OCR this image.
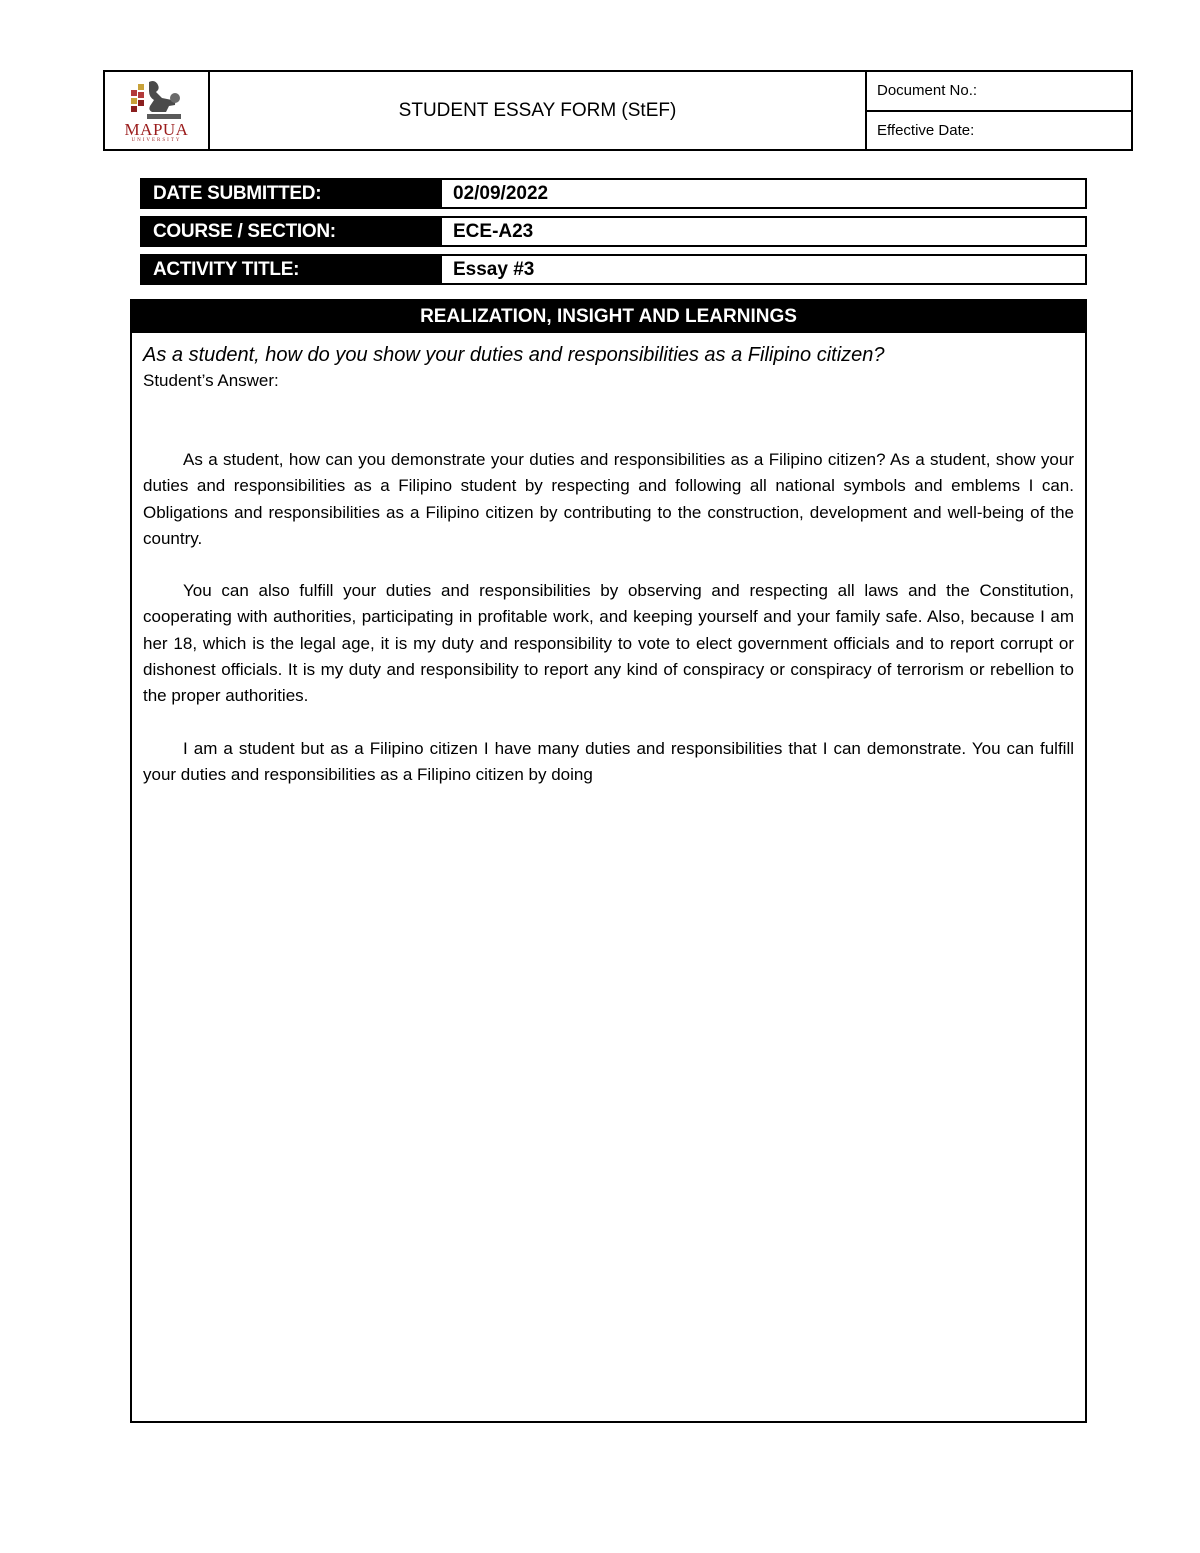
MAPUA
UNIVERSITY
STUDENT ESSAY FORM (StEF)
Document No.:
Effective Date:
DATE SUBMITTED:	02/09/2022
COURSE / SECTION:	ECE-A23
ACTIVITY TITLE:	Essay #3
REALIZATION, INSIGHT AND LEARNINGS
As a student, how do you show your duties and responsibilities as a Filipino citizen?
Student’s Answer:

As a student, how can you demonstrate your duties and responsibilities as a Filipino citizen? As a student, show your duties and responsibilities as a Filipino student by respecting and following all national symbols and emblems I can. Obligations and responsibilities as a Filipino citizen by contributing to the construction, development and well-being of the country.

You can also fulfill your duties and responsibilities by observing and respecting all laws and the Constitution, cooperating with authorities, participating in profitable work, and keeping yourself and your family safe. Also, because I am her 18, which is the legal age, it is my duty and responsibility to vote to elect government officials and to report corrupt or dishonest officials. It is my duty and responsibility to report any kind of conspiracy or conspiracy of terrorism or rebellion to the proper authorities.

I am a student but as a Filipino citizen I have many duties and responsibilities that I can demonstrate. You can fulfill your duties and responsibilities as a Filipino citizen by doing
